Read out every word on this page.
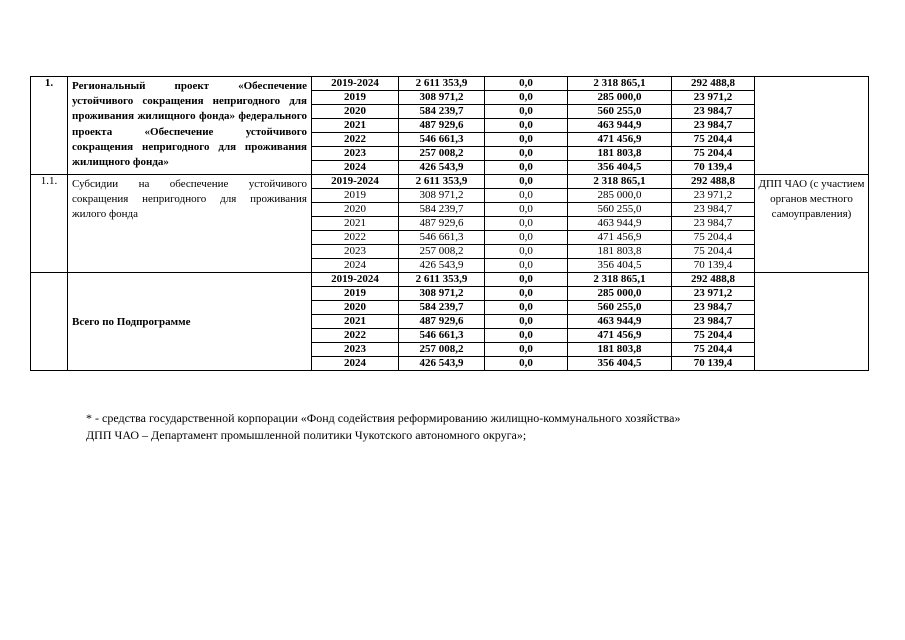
1.	Региональный проект «Обеспечение устойчивого сокращения непригодного для проживания жилищного фонда» федерального проекта «Обеспечение устойчивого сокращения непригодного для проживания жилищного фонда»	2019-2024	2 611 353,9	0,0	2 318 865,1	292 488,8	
		2019	308 971,2	0,0	285 000,0	23 971,2	
		2020	584 239,7	0,0	560 255,0	23 984,7	
		2021	487 929,6	0,0	463 944,9	23 984,7	
		2022	546 661,3	0,0	471 456,9	75 204,4	
		2023	257 008,2	0,0	181 803,8	75 204,4	
		2024	426 543,9	0,0	356 404,5	70 139,4	
1.1.	Субсидии на обеспечение устойчивого сокращения непригодного для проживания жилого фонда	2019-2024	2 611 353,9	0,0	2 318 865,1	292 488,8	ДПП ЧАО (с участием органов местного самоуправления)
		2019	308 971,2	0,0	285 000,0	23 971,2	
		2020	584 239,7	0,0	560 255,0	23 984,7	
		2021	487 929,6	0,0	463 944,9	23 984,7	
		2022	546 661,3	0,0	471 456,9	75 204,4	
		2023	257 008,2	0,0	181 803,8	75 204,4	
		2024	426 543,9	0,0	356 404,5	70 139,4	
	Всего по Подпрограмме	2019-2024	2 611 353,9	0,0	2 318 865,1	292 488,8	
		2019	308 971,2	0,0	285 000,0	23 971,2	
		2020	584 239,7	0,0	560 255,0	23 984,7	
		2021	487 929,6	0,0	463 944,9	23 984,7	
		2022	546 661,3	0,0	471 456,9	75 204,4	
		2023	257 008,2	0,0	181 803,8	75 204,4	
		2024	426 543,9	0,0	356 404,5	70 139,4	
* - средства государственной корпорации «Фонд содействия реформированию жилищно-коммунального хозяйства»
ДПП ЧАО – Департамент промышленной политики Чукотского автономного округа»;
